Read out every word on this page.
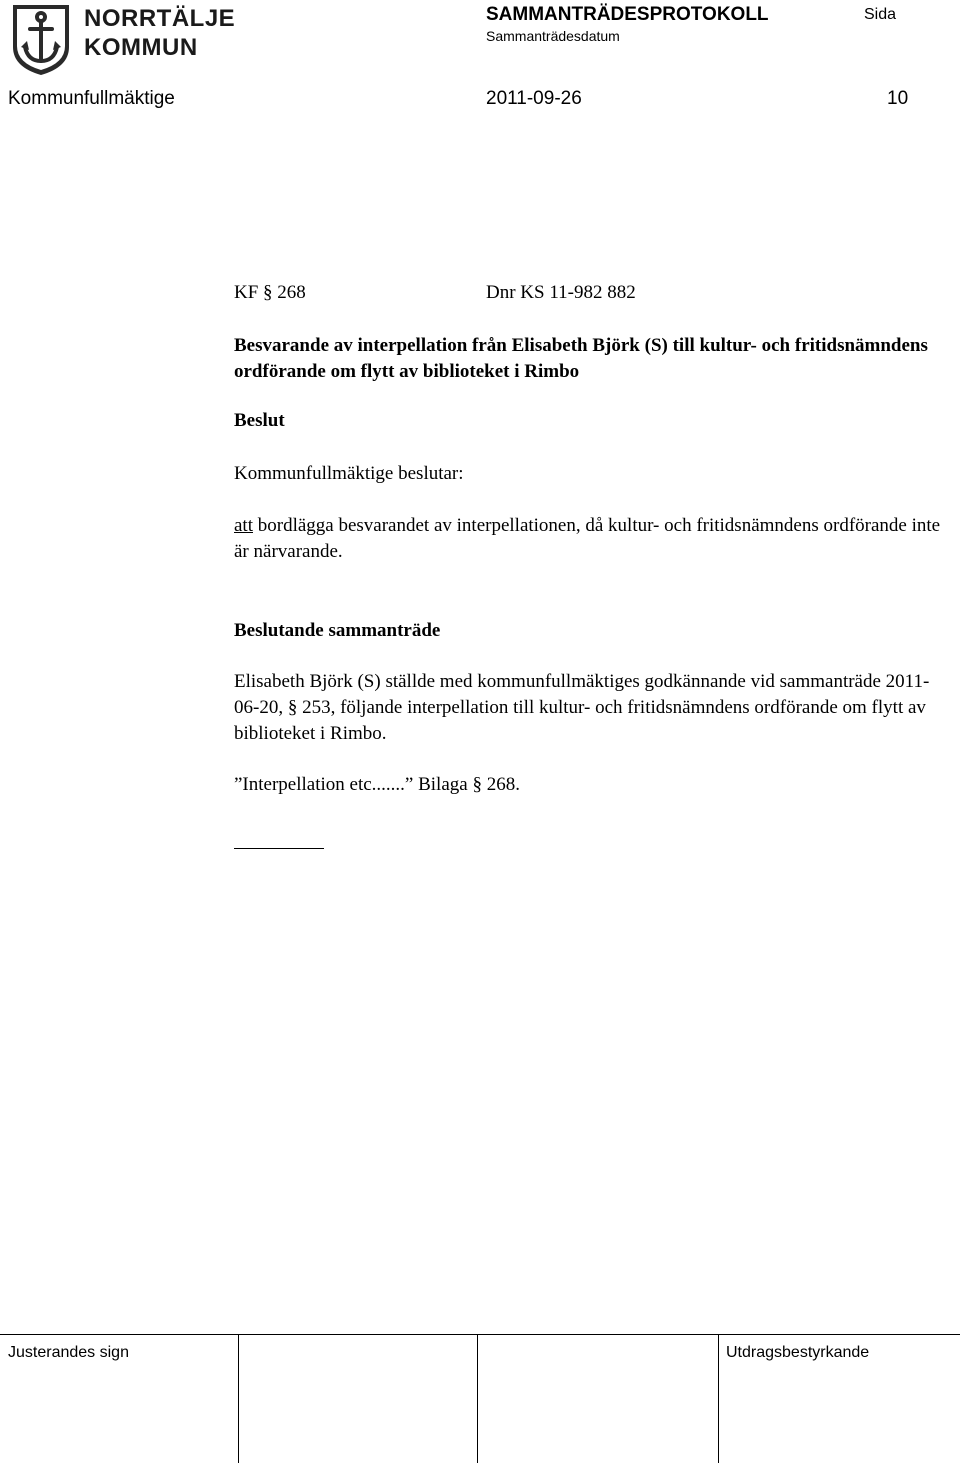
NORRTÄLJE
KOMMUN
SAMMANTRÄDESPROTOKOLL
Sammanträdesdatum
Sida
Kommunfullmäktige	2011-09-26	10
KF § 268	Dnr KS 11-982 882
Besvarande av interpellation från Elisabeth Björk (S) till kultur- och fritidsnämndens ordförande om flytt av biblioteket i Rimbo
Beslut
Kommunfullmäktige beslutar:
att bordlägga besvarandet av interpellationen, då kultur- och fritidsnämndens ordförande inte är närvarande.
Beslutande sammanträde
Elisabeth Björk (S) ställde med kommunfullmäktiges godkännande vid sammanträde 2011-06-20, § 253, följande interpellation till kultur- och fritidsnämndens ordförande om flytt av biblioteket i Rimbo.
”Interpellation etc.......” Bilaga § 268.
Justerandes sign	Utdragsbestyrkande
